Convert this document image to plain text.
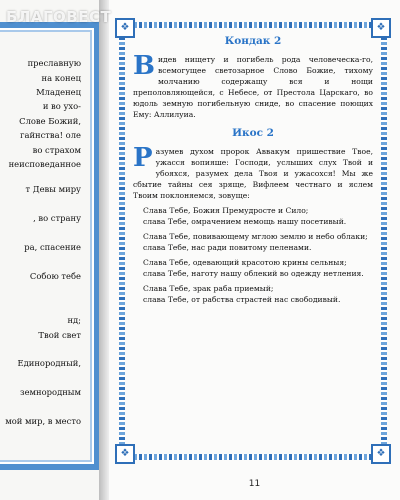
преславную
на конец
Младенец
и во ухо-
Слове Божий,
гайнства! оле
во страхом
неисповеданное
т Девы миру
, во страну
ра, спасение
Собою тебе
нд;
Твой свет
Единородный,
земнородным
мой мир, в место
❖	❖
❖	❖
Кондак 2

Видев нищету и погибель рода человеческа-го, всемогущее светозарное Слово Божие, тихому молчанию содержащу вся и нощи преполовляющейся, с Небесе, от Престола Царскаго, во юдоль земную погибельную сниде, во спасение поющих Ему: Аллилуиа.

Икос 2

Разумев духом пророк Аввакум пришествие Твое, ужасся вопияше: Господи, услыших слух Твой и убояхся, разумех дела Твоя и ужасохся! Мы же сбытие тайны сея зряще, Вифлеем честнаго и яслем Твоим поклоняемся, зовуще:

Слава Тебе, Божия Премудросте и Сило;

слава Тебе, омрачением немощь нашу посетивый.

Слава Тебе, повивающему мглою землю и небо облаки;

слава Тебе, нас ради повитому пеленами.

Слава Тебе, одевающий красотою крины сельныя;

слава Тебе, наготу нашу облекий во одежду нетления.

Слава Тебе, зрак раба приемый;

слава Тебе, от рабства страстей нас свободивый.

11
БЛАГОВЕСТ
